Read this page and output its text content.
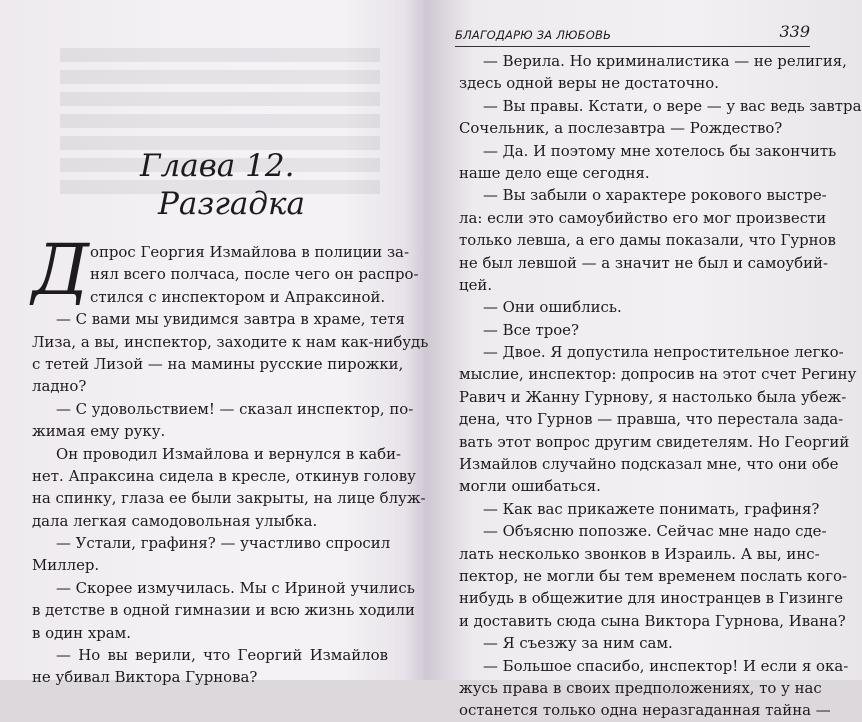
БЛАГОДАРЮ ЗА ЛЮБОВЬ	339
Глава 12.
Разгадка
Д опрос Георгия Измайлова в полиции за-
нял всего полчаса, после чего он распро-
стился с инспектором и Апраксиной.
— С вами мы увидимся завтра в храме, тетя
Лиза, а вы, инспектор, заходите к нам как-нибудь
с тетей Лизой — на мамины русские пирожки,
ладно?
— С удовольствием! — сказал инспектор, по-
жимая ему руку.
Он проводил Измайлова и вернулся в каби-
нет. Апраксина сидела в кресле, откинув голову
на спинку, глаза ее были закрыты, на лице блуж-
дала легкая самодовольная улыбка.
— Устали, графиня? — участливо спросил
Миллер.
— Скорее измучилась. Мы с Ириной учились
в детстве в одной гимназии и всю жизнь ходили
в один храм.
— Но вы верили, что Георгий Измайлов
не убивал Виктора Гурнова?
— Верила. Но криминалистика — не религия,
здесь одной веры не достаточно.
— Вы правы. Кстати, о вере — у вас ведь завтра
Сочельник, а послезавтра — Рождество?
— Да. И поэтому мне хотелось бы закончить
наше дело еще сегодня.
— Вы забыли о характере рокового выстре-
ла: если это самоубийство его мог произвести
только левша, а его дамы показали, что Гурнов
не был левшой — а значит не был и самоубий-
цей.
— Они ошиблись.
— Все трое?
— Двое. Я допустила непростительное легко-
мыслие, инспектор: допросив на этот счет Регину
Равич и Жанну Гурнову, я настолько была убеж-
дена, что Гурнов — правша, что перестала зада-
вать этот вопрос другим свидетелям. Но Георгий
Измайлов случайно подсказал мне, что они обе
могли ошибаться.
— Как вас прикажете понимать, графиня?
— Объясню попозже. Сейчас мне надо сде-
лать несколько звонков в Израиль. А вы, инс-
пектор, не могли бы тем временем послать кого-
нибудь в общежитие для иностранцев в Гизинге
и доставить сюда сына Виктора Гурнова, Ивана?
— Я съезжу за ним сам.
— Большое спасибо, инспектор! И если я ока-
жусь права в своих предположениях, то у нас
останется только одна неразгаданная тайна —
